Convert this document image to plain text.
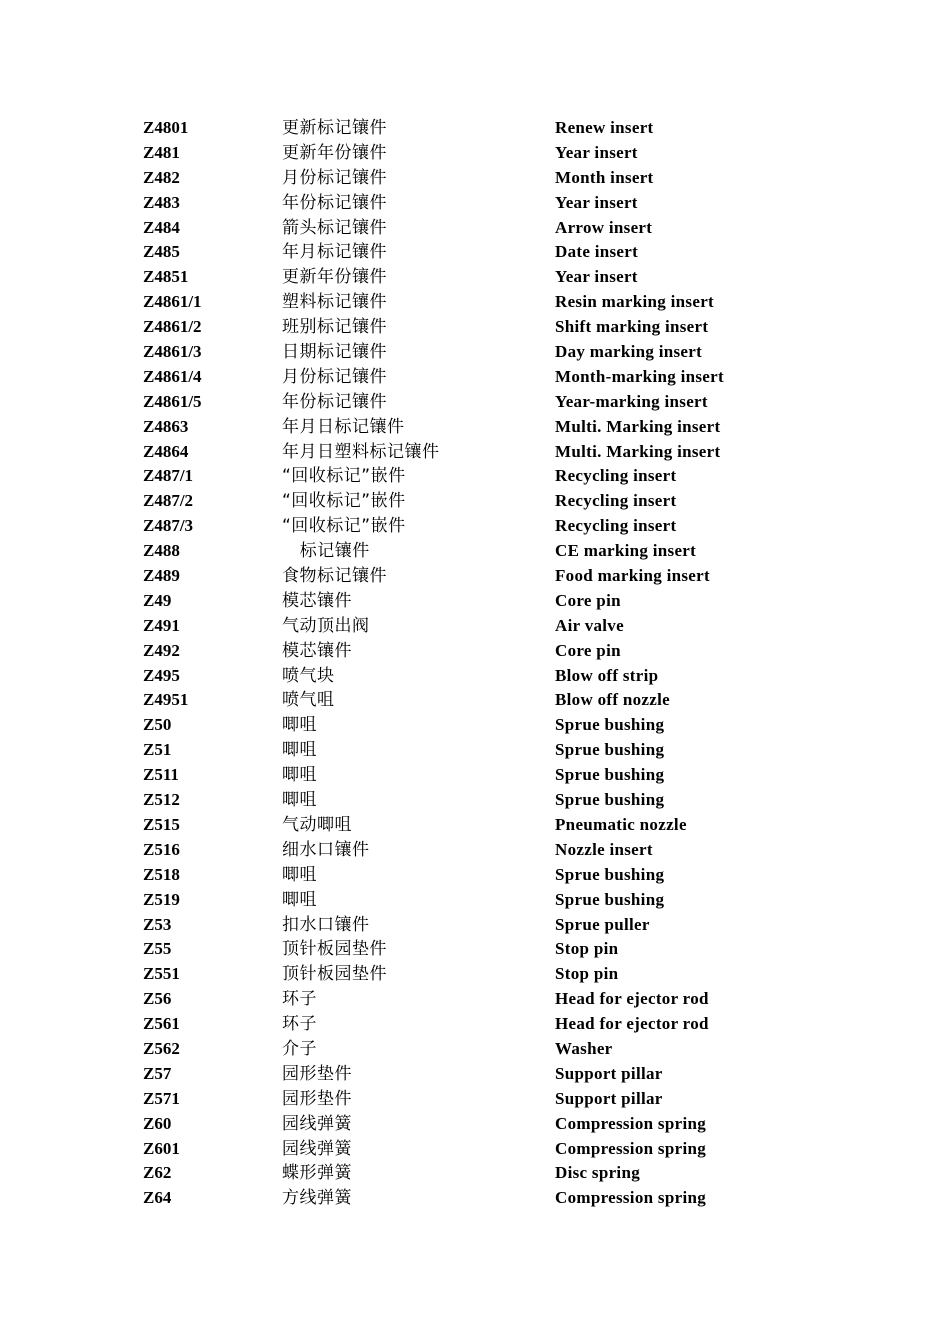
Z4801	更新标记镶件	Renew insert
Z481	更新年份镶件	Year insert
Z482	月份标记镶件	Month insert
Z483	年份标记镶件	Year insert
Z484	箭头标记镶件	Arrow insert
Z485	年月标记镶件	Date insert
Z4851	更新年份镶件	Year insert
Z4861/1	塑料标记镶件	Resin marking insert
Z4861/2	班别标记镶件	Shift marking insert
Z4861/3	日期标记镶件	Day marking insert
Z4861/4	月份标记镶件	Month-marking insert
Z4861/5	年份标记镶件	Year-marking insert
Z4863	年月日标记镶件	Multi. Marking insert
Z4864	年月日塑料标记镶件	Multi. Marking insert
Z487/1	“回收标记”嵌件	Recycling insert
Z487/2	“回收标记”嵌件	Recycling insert
Z487/3	“回收标记”嵌件	Recycling insert
Z488	标记镶件	CE marking insert
Z489	食物标记镶件	Food marking insert
Z49	模芯镶件	Core pin
Z491	气动顶出阀	Air valve
Z492	模芯镶件	Core pin
Z495	喷气块	Blow off strip
Z4951	喷气咀	Blow off nozzle
Z50	唧咀	Sprue bushing
Z51	唧咀	Sprue bushing
Z511	唧咀	Sprue bushing
Z512	唧咀	Sprue bushing
Z515	气动唧咀	Pneumatic nozzle
Z516	细水口镶件	Nozzle insert
Z518	唧咀	Sprue bushing
Z519	唧咀	Sprue bushing
Z53	扣水口镶件	Sprue puller
Z55	顶针板园垫件	Stop pin
Z551	顶针板园垫件	Stop pin
Z56	环子	Head for ejector rod
Z561	环子	Head for ejector rod
Z562	介子	Washer
Z57	园形垫件	Support pillar
Z571	园形垫件	Support pillar
Z60	园线弹簧	Compression spring
Z601	园线弹簧	Compression spring
Z62	蝶形弹簧	Disc spring
Z64	方线弹簧	Compression spring
